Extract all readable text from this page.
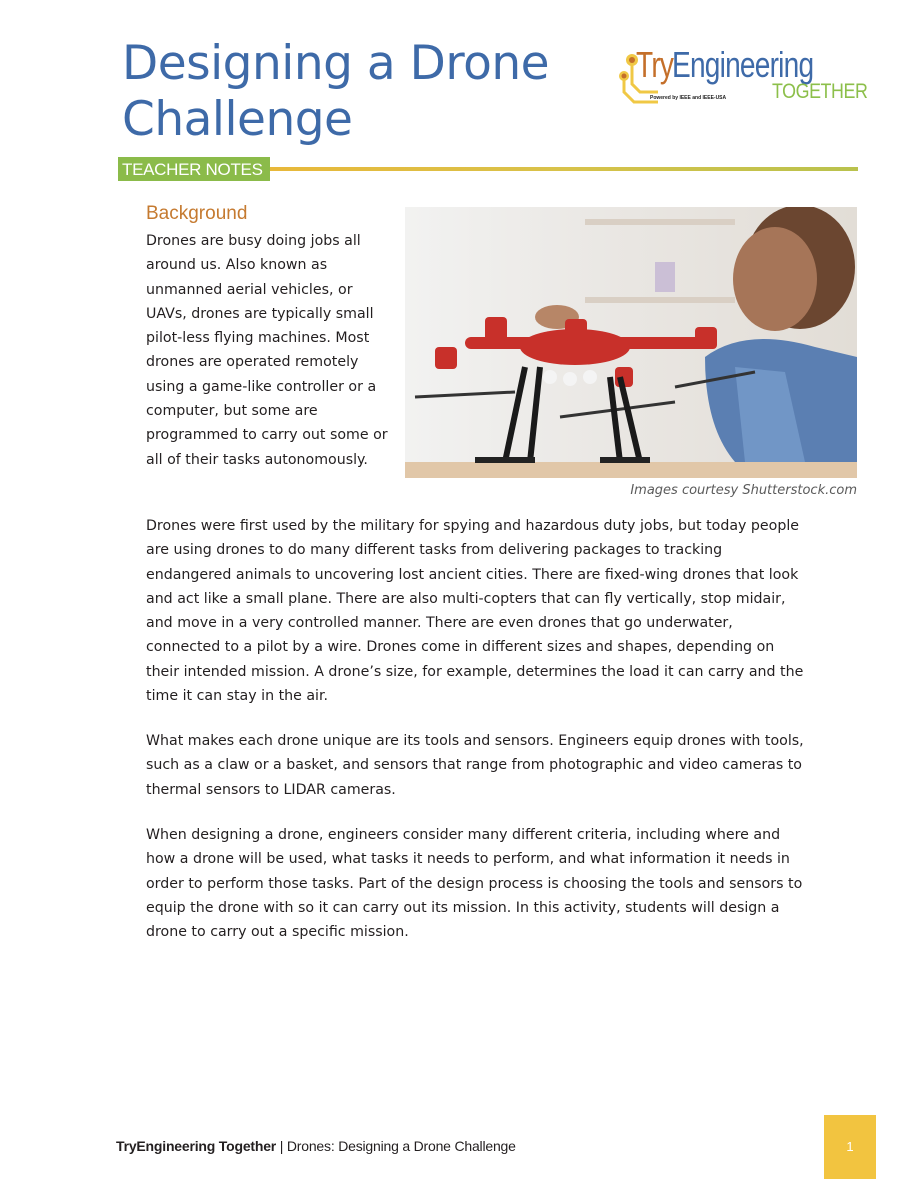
Designing a Drone Challenge
Try
Engineering
Powered by IEEE and IEEE-USA TOGETHER
TEACHER NOTES
Background

Drones are busy doing jobs all around us. Also known as unmanned aerial vehicles, or UAVs, drones are typically small pilot-less flying machines. Most drones are operated remotely using a game-like controller or a computer, but some are programmed to carry out some or all of their tasks autonomously.

Images courtesy Shutterstock.com

Drones were first used by the military for spying and hazardous duty jobs, but today people are using drones to do many different tasks from delivering packages to tracking endangered animals to uncovering lost ancient cities. There are fixed-wing drones that look and act like a small plane. There are also multi-copters that can fly vertically, stop midair, and move in a very controlled manner. There are even drones that go underwater, connected to a pilot by a wire. Drones come in different sizes and shapes, depending on their intended mission. A drone’s size, for example, determines the load it can carry and the time it can stay in the air.

What makes each drone unique are its tools and sensors. Engineers equip drones with tools, such as a claw or a basket, and sensors that range from photographic and video cameras to thermal sensors to LIDAR cameras.

When designing a drone, engineers consider many different criteria, including where and how a drone will be used, what tasks it needs to perform, and what information it needs in order to perform those tasks. Part of the design process is choosing the tools and sensors to equip the drone with so it can carry out its mission. In this activity, students will design a drone to carry out a specific mission.

TryEngineering Together | Drones: Designing a Drone Challenge	1
